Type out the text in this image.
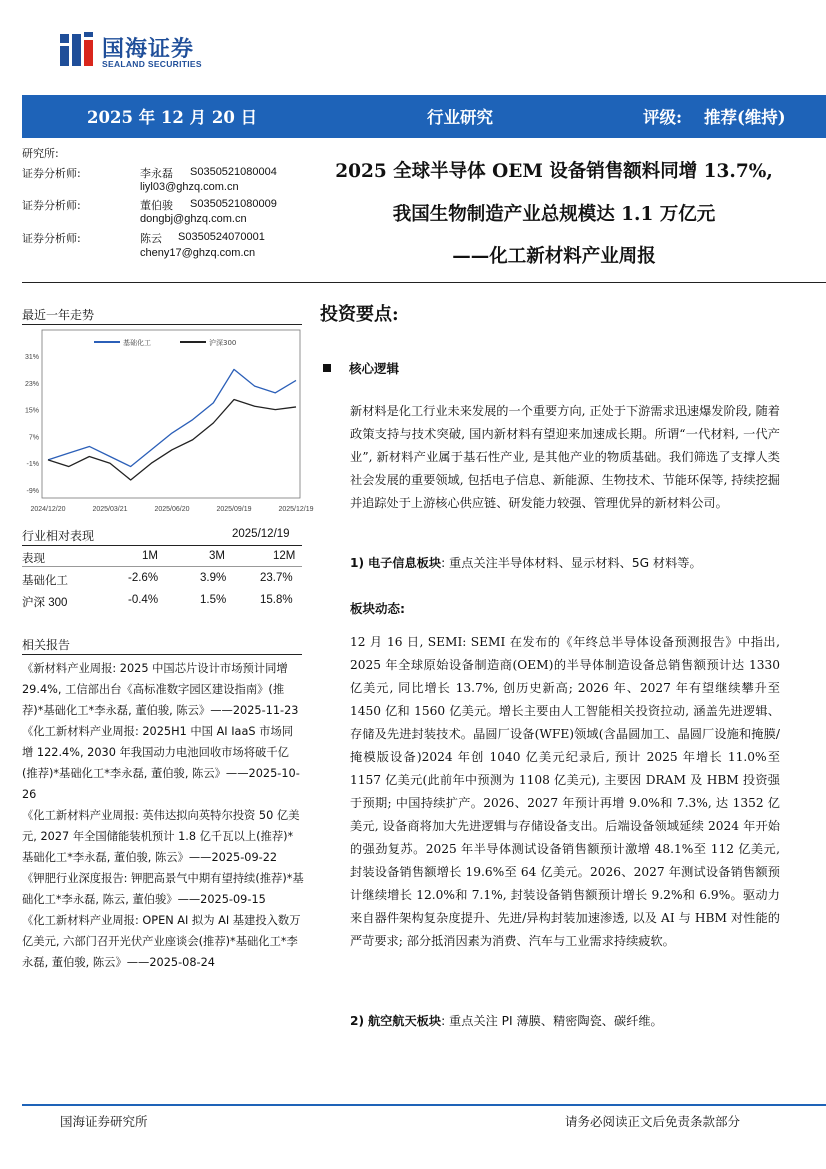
国海证券
SEALAND SECURITIES
2025 年 12 月 20 日	行业研究	评级: 推荐(维持)
研究所:
证券分析师:	李永磊 S0350521080004
liyl03@ghzq.com.cn
证券分析师:	董伯骏 S0350521080009
dongbj@ghzq.com.cn
证券分析师:	陈云 S0350524070001
cheny17@ghzq.com.cn
2025 全球半导体 OEM 设备销售额料同增 13.7%,
我国生物制造产业总规模达 1.1 万亿元
——化工新材料产业周报
最近一年走势
基础化工	沪深300
31%
23%
15%
7%
-1%
-9%
2024/12/20	2025/03/21	2025/06/20	2025/09/19	2025/12/19
行业相对表现	2025/12/19
表现	1M	3M	12M
基础化工	-2.6%	3.9%	23.7%
沪深 300	-0.4%	1.5%	15.8%
相关报告

《新材料产业周报: 2025 中国芯片设计市场预计同增 29.4%, 工信部出台《高标准数字园区建设指南》(推荐)*基础化工*李永磊, 董伯骏, 陈云》——2025-11-23

《化工新材料产业周报: 2025H1 中国 AI IaaS 市场同增 122.4%, 2030 年我国动力电池回收市场将破千亿(推荐)*基础化工*李永磊, 董伯骏, 陈云》——2025-10-26

《化工新材料产业周报: 英伟达拟向英特尔投资 50 亿美元, 2027 年全国储能装机预计 1.8 亿千瓦以上(推荐)*基础化工*李永磊, 董伯骏, 陈云》——2025-09-22

《钾肥行业深度报告: 钾肥高景气中期有望持续(推荐)*基础化工*李永磊, 陈云, 董伯骏》——2025-09-15

《化工新材料产业周报: OPEN AI 拟为 AI 基建投入数万亿美元, 六部门召开光伏产业座谈会(推荐)*基础化工*李永磊, 董伯骏, 陈云》——2025-08-24

投资要点:
核心逻辑

新材料是化工行业未来发展的一个重要方向, 正处于下游需求迅速爆发阶段, 随着政策支持与技术突破, 国内新材料有望迎来加速成长期。所谓“一代材料, 一代产业”, 新材料产业属于基石性产业, 是其他产业的物质基础。我们筛选了支撑人类社会发展的重要领域, 包括电子信息、新能源、生物技术、节能环保等, 持续挖掘并追踪处于上游核心供应链、研发能力较强、管理优异的新材料公司。

1) 电子信息板块: 重点关注半导体材料、显示材料、5G 材料等。
板块动态:

12 月 16 日, SEMI: SEMI 在发布的《年终总半导体设备预测报告》中指出, 2025 年全球原始设备制造商(OEM)的半导体制造设备总销售额预计达 1330 亿美元, 同比增长 13.7%, 创历史新高; 2026 年、2027 年有望继续攀升至 1450 亿和 1560 亿美元。增长主要由人工智能相关投资拉动, 涵盖先进逻辑、存储及先进封装技术。晶圆厂设备(WFE)领域(含晶圆加工、晶圆厂设施和掩膜/掩模版设备)2024 年创 1040 亿美元纪录后, 预计 2025 年增长 11.0%至 1157 亿美元(此前年中预测为 1108 亿美元), 主要因 DRAM 及 HBM 投资强于预期; 中国持续扩产。2026、2027 年预计再增 9.0%和 7.3%, 达 1352 亿美元, 设备商将加大先进逻辑与存储设备支出。后端设备领域延续 2024 年开始的强劲复苏。2025 年半导体测试设备销售额预计激增 48.1%至 112 亿美元, 封装设备销售额增长 19.6%至 64 亿美元。2026、2027 年测试设备销售额预计继续增长 12.0%和 7.1%, 封装设备销售额预计增长 9.2%和 6.9%。驱动力来自器件架构复杂度提升、先进/异构封装加速渗透, 以及 AI 与 HBM 对性能的严苛要求; 部分抵消因素为消费、汽车与工业需求持续疲软。

2) 航空航天板块: 重点关注 PI 薄膜、精密陶瓷、碳纤维。
国海证券研究所	请务必阅读正文后免责条款部分
